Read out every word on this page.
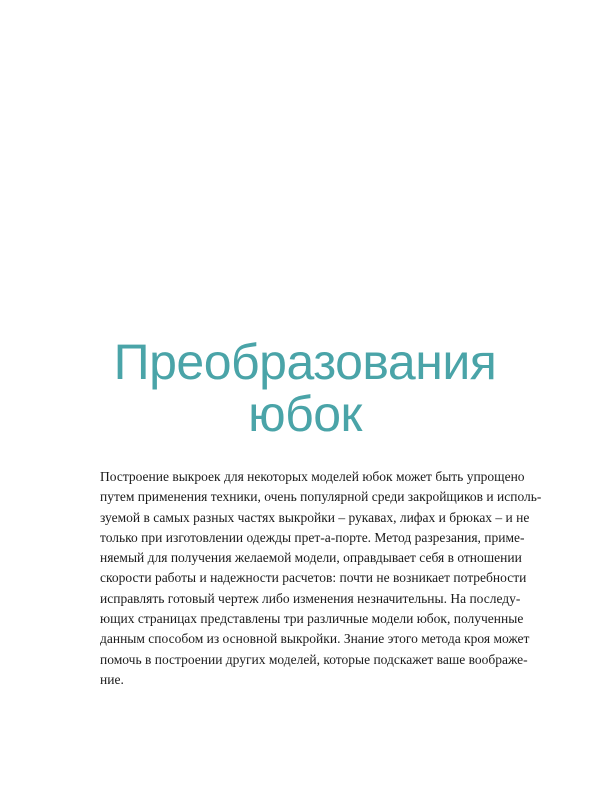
Преобразования
юбок

Построение выкроек для некоторых моделей юбок может быть упрощено
путем применения техники, очень популярной среди закройщиков и исполь-
зуемой в самых разных частях выкройки – рукавах, лифах и брюках – и не
только при изготовлении одежды прет-а-порте. Метод разрезания, приме-
няемый для получения желаемой модели, оправдывает себя в отношении
скорости работы и надежности расчетов: почти не возникает потребности
исправлять готовый чертеж либо изменения незначительны. На последу-
ющих страницах представлены три различные модели юбок, полученные
данным способом из основной выкройки. Знание этого метода кроя может
помочь в построении других моделей, которые подскажет ваше воображе-
ние.
